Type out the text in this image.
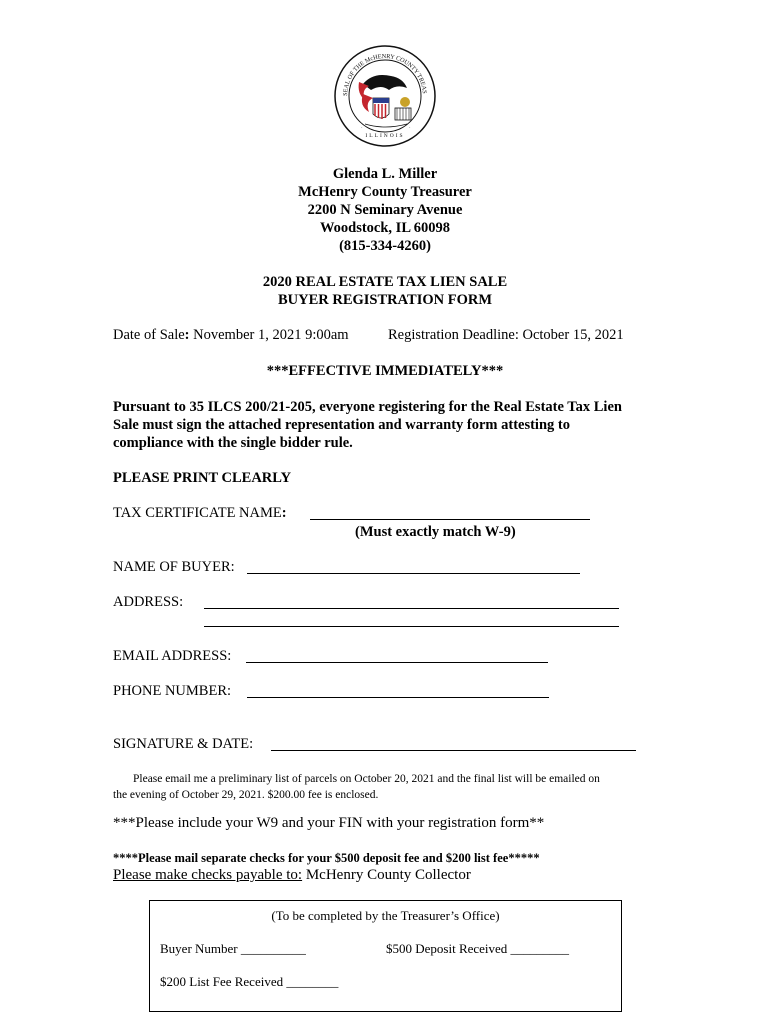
SEAL OF THE McHENRY COUNTY TREAS
·	·
ILLINOIS
Glenda L. Miller
McHenry County Treasurer
2200 N Seminary Avenue
Woodstock, IL 60098
(815-334-4260)
2020 REAL ESTATE TAX LIEN SALE
BUYER REGISTRATION FORM
Date of Sale: November 1, 2021 9:00am	Registration Deadline: October 15, 2021
***EFFECTIVE IMMEDIATELY***
Pursuant to 35 ILCS 200/21-205, everyone registering for the Real Estate Tax Lien
Sale must sign the attached representation and warranty form attesting to
compliance with the single bidder rule.
PLEASE PRINT CLEARLY
TAX CERTIFICATE NAME:
(Must exactly match W-9)
NAME OF BUYER:
ADDRESS:
EMAIL ADDRESS:
PHONE NUMBER:
SIGNATURE & DATE:
Please email me a preliminary list of parcels on October 20, 2021 and the final list will be emailed on
the evening of October 29, 2021. $200.00 fee is enclosed.
***Please include your W9 and your FIN with your registration form**
****Please mail separate checks for your $500 deposit fee and $200 list fee*****
Please make checks payable to: McHenry County Collector
(To be completed by the Treasurer’s Office)
Buyer Number __________	$500 Deposit Received _________
$200 List Fee Received ________
